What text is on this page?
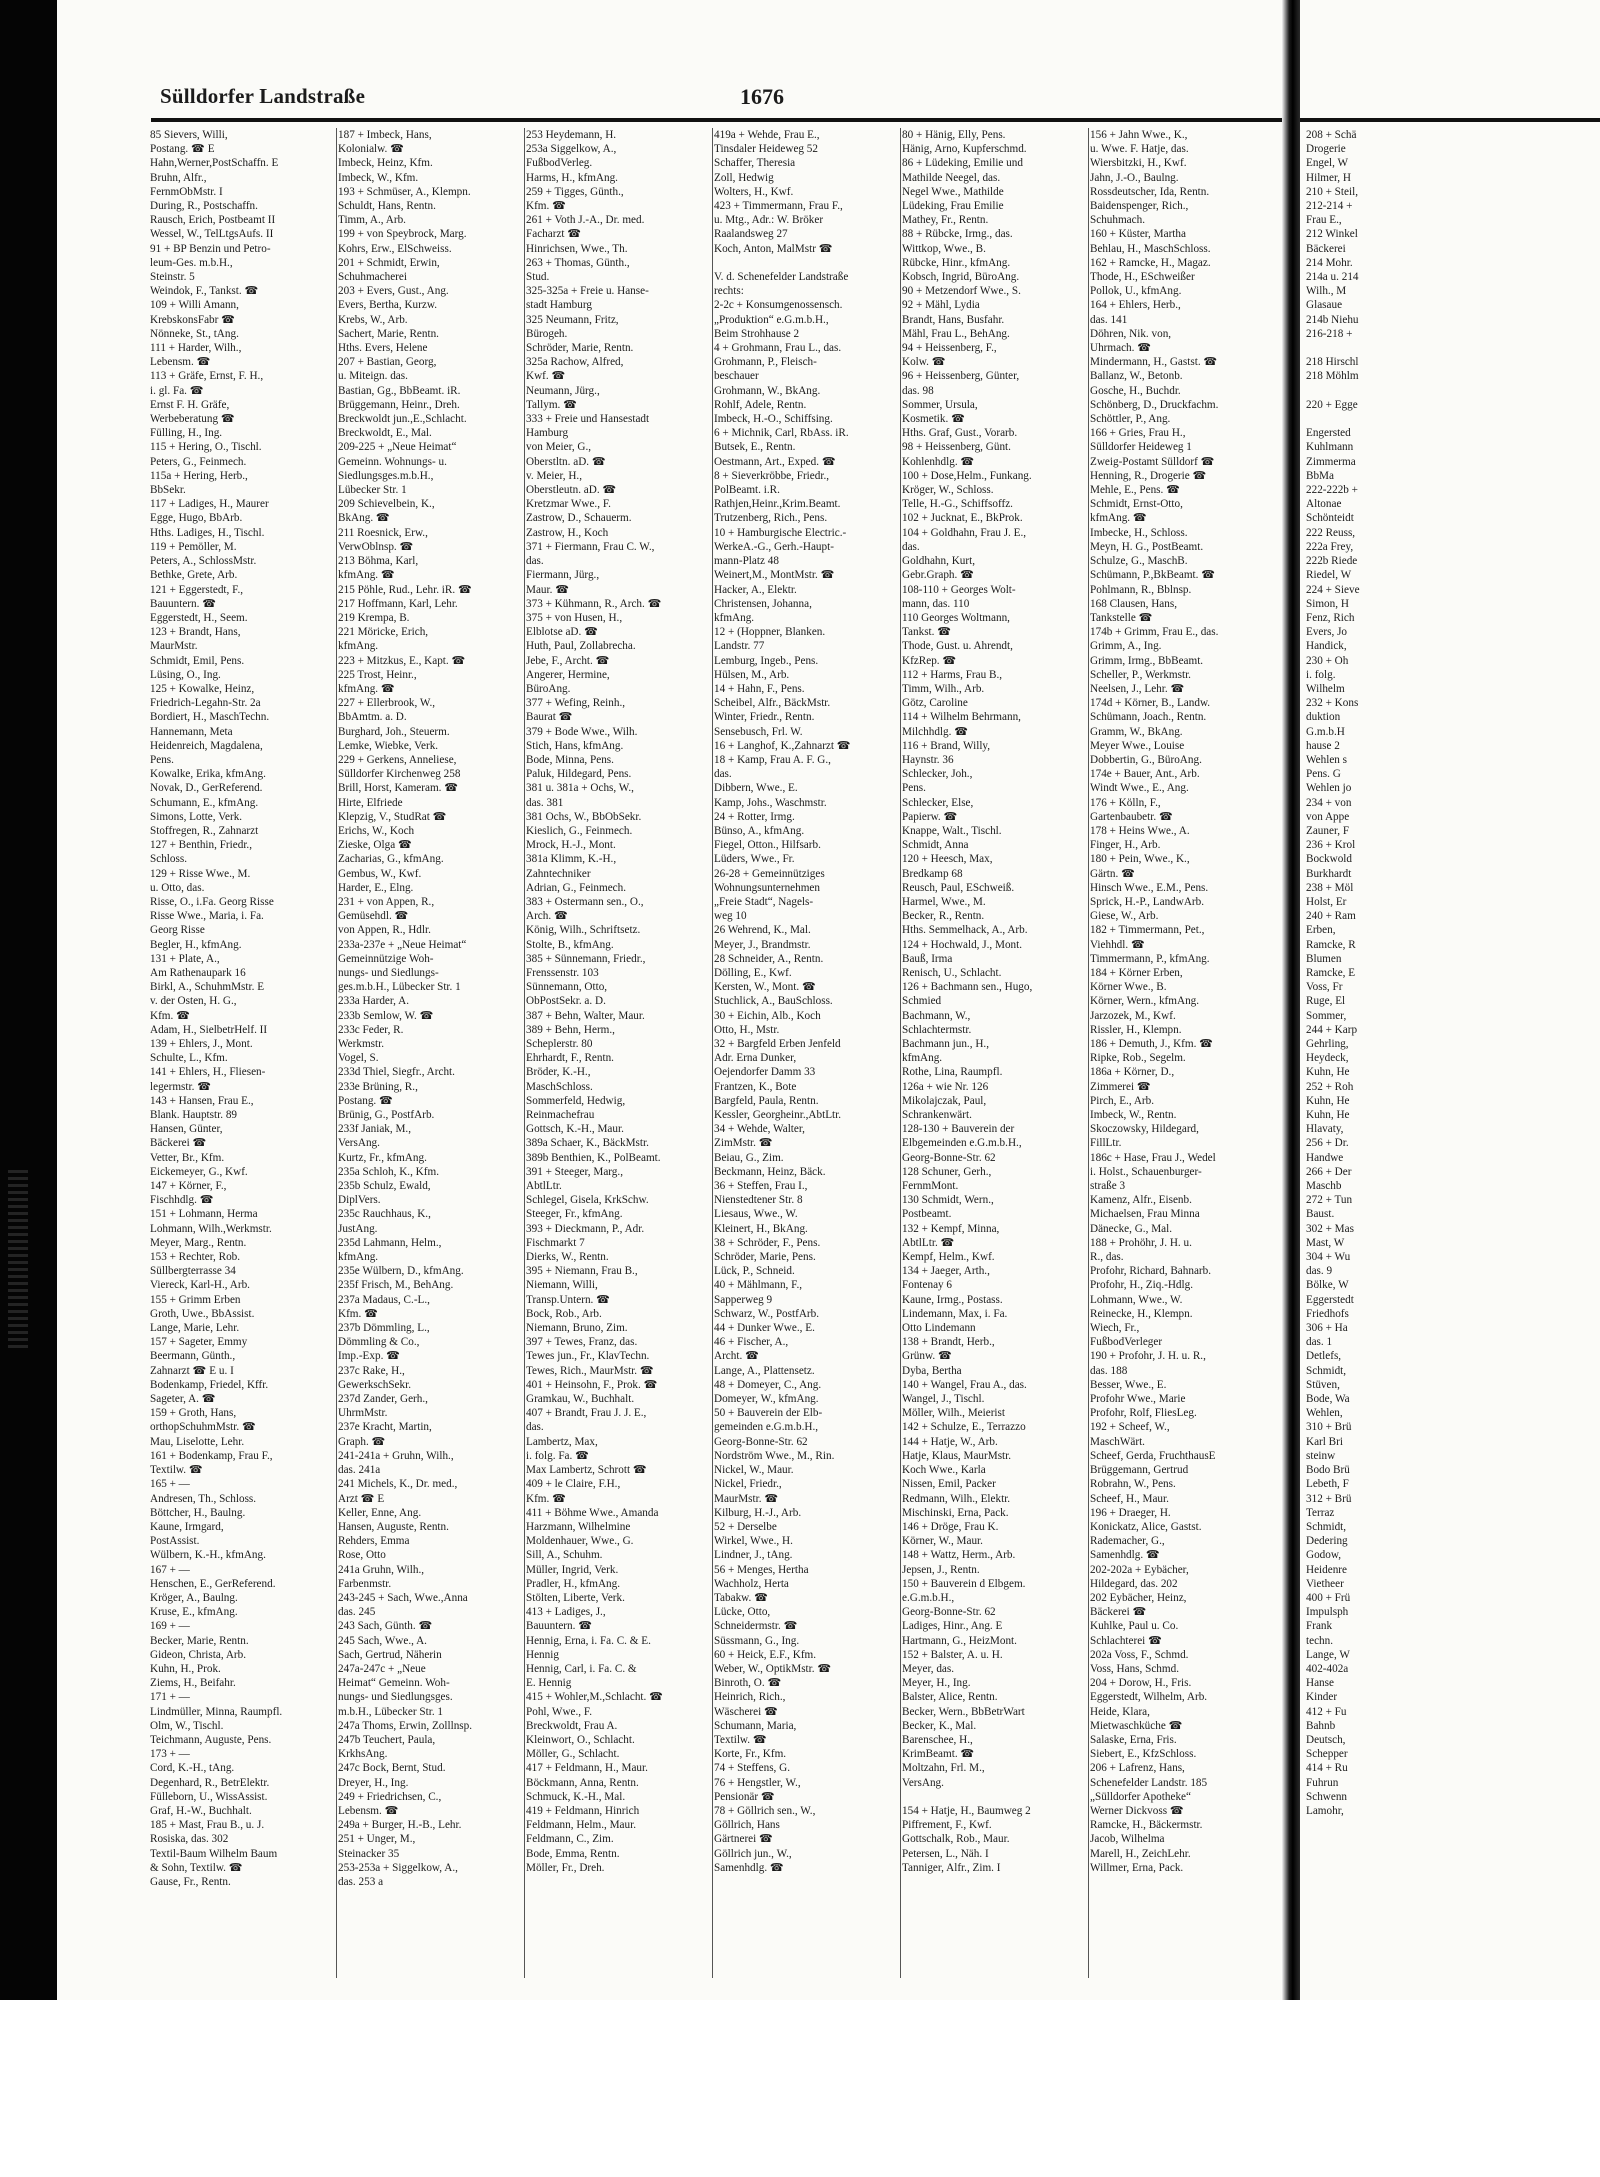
Sülldorfer Landstraße	1676
85 Sievers, Willi,
Postang. ☎ E
Hahn,Werner,PostSchaffn. E
Bruhn, Alfr.,
FernmObMstr. I
During, R., Postschaffn.
Rausch, Erich, Postbeamt II
Wessel, W., TelLtgsAufs. II
91 + BP Benzin und Petro-
leum-Ges. m.b.H.,
Steinstr. 5
Weindok, F., Tankst. ☎
109 + Willi Amann,
KrebskonsFabr ☎
Nönneke, St., tAng.
111 + Harder, Wilh.,
Lebensm. ☎
113 + Gräfe, Ernst, F. H.,
i. gl. Fa. ☎
Ernst F. H. Gräfe,
Werbeberatung ☎
Fülling, H., Ing.
115 + Hering, O., Tischl.
Peters, G., Feinmech.
115a + Hering, Herb.,
BbSekr.
117 + Ladiges, H., Maurer
Egge, Hugo, BbArb.
Hths. Ladiges, H., Tischl.
119 + Pemöller, M.
Peters, A., SchlossMstr.
Bethke, Grete, Arb.
121 + Eggerstedt, F.,
Bauuntern. ☎
Eggerstedt, H., Seem.
123 + Brandt, Hans,
MaurMstr.
Schmidt, Emil, Pens.
Lüsing, O., Ing.
125 + Kowalke, Heinz,
Friedrich-Legahn-Str. 2a
Bordiert, H., MaschTechn.
Hannemann, Meta
Heidenreich, Magdalena,
Pens.
Kowalke, Erika, kfmAng.
Novak, D., GerReferend.
Schumann, E., kfmAng.
Simons, Lotte, Verk.
Stoffregen, R., Zahnarzt
127 + Benthin, Friedr.,
Schloss.
129 + Risse Wwe., M.
u. Otto, das.
Risse, O., i.Fa. Georg Risse
Risse Wwe., Maria, i. Fa.
Georg Risse
Begler, H., kfmAng.
131 + Plate, A.,
Am Rathenaupark 16
Birkl, A., SchuhmMstr. E
v. der Osten, H. G.,
Kfm. ☎
Adam, H., SielbetrHelf. II
139 + Ehlers, J., Mont.
Schulte, L., Kfm.
141 + Ehlers, H., Fliesen-
legermstr. ☎
143 + Hansen, Frau E.,
Blank. Hauptstr. 89
Hansen, Günter,
Bäckerei ☎
Vetter, Br., Kfm.
Eickemeyer, G., Kwf.
147 + Körner, F.,
Fischhdlg. ☎
151 + Lohmann, Herma
Lohmann, Wilh.,Werkmstr.
Meyer, Marg., Rentn.
153 + Rechter, Rob.
Süllbergterrasse 34
Viereck, Karl-H., Arb.
155 + Grimm Erben
Groth, Uwe., BbAssist.
Lange, Marie, Lehr.
157 + Sageter, Emmy
Beermann, Günth.,
Zahnarzt ☎ E u. I
Bodenkamp, Friedel, Kffr.
Sageter, A. ☎
159 + Groth, Hans,
orthopSchuhmMstr. ☎
Mau, Liselotte, Lehr.
161 + Bodenkamp, Frau F.,
Textilw. ☎
165 + —
Andresen, Th., Schloss.
Böttcher, H., Baulng.
Kaune, Irmgard,
PostAssist.
Wülbern, K.-H., kfmAng.
167 + —
Henschen, E., GerReferend.
Kröger, A., Baulng.
Kruse, E., kfmAng.
169 + —
Becker, Marie, Rentn.
Gideon, Christa, Arb.
Kuhn, H., Prok.
Ziems, H., Beifahr.
171 + —
Lindmüller, Minna, Raumpfl.
Olm, W., Tischl.
Teichmann, Auguste, Pens.
173 + —
Cord, K.-H., tAng.
Degenhard, R., BetrElektr.
Fülleborn, U., WissAssist.
Graf, H.-W., Buchhalt.
185 + Mast, Frau B., u. J.
Rosiska, das. 302
Textil-Baum Wilhelm Baum
& Sohn, Textilw. ☎
Gause, Fr., Rentn.
187 + Imbeck, Hans,
Kolonialw. ☎
Imbeck, Heinz, Kfm.
Imbeck, W., Kfm.
193 + Schmüser, A., Klempn.
Schuldt, Hans, Rentn.
Timm, A., Arb.
199 + von Speybrock, Marg.
Kohrs, Erw., ElSchweiss.
201 + Schmidt, Erwin,
Schuhmacherei
203 + Evers, Gust., Ang.
Evers, Bertha, Kurzw.
Krebs, W., Arb.
Sachert, Marie, Rentn.
Hths. Evers, Helene
207 + Bastian, Georg,
u. Miteign. das.
Bastian, Gg., BbBeamt. iR.
Brüggemann, Heinr., Dreh.
Breckwoldt jun.,E.,Schlacht.
Breckwoldt, E., Mal.
209-225 + „Neue Heimat“
Gemeinn. Wohnungs- u.
Siedlungsges.m.b.H.,
Lübecker Str. 1
209 Schievelbein, K.,
BkAng. ☎
211 Roesnick, Erw.,
VerwOblnsp. ☎
213 Böhma, Karl,
kfmAng. ☎
215 Pöhle, Rud., Lehr. iR. ☎
217 Hoffmann, Karl, Lehr.
219 Krempa, B.
221 Möricke, Erich,
kfmAng.
223 + Mitzkus, E., Kapt. ☎
225 Trost, Heinr.,
kfmAng. ☎
227 + Ellerbrook, W.,
BbAmtm. a. D.
Burghard, Joh., Steuerm.
Lemke, Wiebke, Verk.
229 + Gerkens, Anneliese,
Sülldorfer Kirchenweg 258
Brill, Horst, Kameram. ☎
Hirte, Elfriede
Klepzig, V., StudRat ☎
Erichs, W., Koch
Zieske, Olga ☎
Zacharias, G., kfmAng.
Gembus, W., Kwf.
Harder, E., Elng.
231 + von Appen, R.,
Gemüsehdl. ☎
von Appen, R., Hdlr.
233a-237e + „Neue Heimat“
Gemeinnützige Woh-
nungs- und Siedlungs-
ges.m.b.H., Lübecker Str. 1
233a Harder, A.
233b Semlow, W. ☎
233c Feder, R.
Werkmstr.
Vogel, S.
233d Thiel, Siegfr., Archt.
233e Brüning, R.,
Postang. ☎
Brünig, G., PostfArb.
233f Janiak, M.,
VersAng.
Kurtz, Fr., kfmAng.
235a Schloh, K., Kfm.
235b Schulz, Ewald,
DiplVers.
235c Rauchhaus, K.,
JustAng.
235d Lahmann, Helm.,
kfmAng.
235e Wülbern, D., kfmAng.
235f Frisch, M., BehAng.
237a Madaus, C.-L.,
Kfm. ☎
237b Dömmling, L.,
Dömmling & Co.,
Imp.-Exp. ☎
237c Rake, H.,
GewerkschSekr.
237d Zander, Gerh.,
UhrmMstr.
237e Kracht, Martin,
Graph. ☎
241-241a + Gruhn, Wilh.,
das. 241a
241 Michels, K., Dr. med.,
Arzt ☎ E
Keller, Enne, Ang.
Hansen, Auguste, Rentn.
Rehders, Emma
Rose, Otto
241a Gruhn, Wilh.,
Farbenmstr.
243-245 + Sach, Wwe.,Anna
das. 245
243 Sach, Günth. ☎
245 Sach, Wwe., A.
Sach, Gertrud, Näherin
247a-247c + „Neue
Heimat“ Gemeinn. Woh-
nungs- und Siedlungsges.
m.b.H., Lübecker Str. 1
247a Thoms, Erwin, Zolllnsp.
247b Teuchert, Paula,
KrkhsAng.
247c Bock, Bernt, Stud.
Dreyer, H., Ing.
249 + Friedrichsen, C.,
Lebensm. ☎
249a + Burger, H.-B., Lehr.
251 + Unger, M.,
Steinacker 35
253-253a + Siggelkow, A.,
das. 253 a
253 Heydemann, H.
253a Siggelkow, A.,
FußbodVerleg.
Harms, H., kfmAng.
259 + Tigges, Günth.,
Kfm. ☎
261 + Voth J.-A., Dr. med.
Facharzt ☎
Hinrichsen, Wwe., Th.
263 + Thomas, Günth.,
Stud.
325-325a + Freie u. Hanse-
stadt Hamburg
325 Neumann, Fritz,
Bürogeh.
Schröder, Marie, Rentn.
325a Rachow, Alfred,
Kwf. ☎
Neumann, Jürg.,
Tallym. ☎
333 + Freie und Hansestadt
Hamburg
von Meier, G.,
Oberstltn. aD. ☎
v. Meier, H.,
Oberstleutn. aD. ☎
Kretzmar Wwe., F.
Zastrow, D., Schauerm.
Zastrow, H., Koch
371 + Fiermann, Frau C. W.,
das.
Fiermann, Jürg.,
Maur. ☎
373 + Kühmann, R., Arch. ☎
375 + von Husen, H.,
Elblotse aD. ☎
Huth, Paul, Zollabrecha.
Jebe, F., Archt. ☎
Angerer, Hermine,
BüroAng.
377 + Wefing, Reinh.,
Baurat ☎
379 + Bode Wwe., Wilh.
Stich, Hans, kfmAng.
Bode, Minna, Pens.
Paluk, Hildegard, Pens.
381 u. 381a + Ochs, W.,
das. 381
381 Ochs, W., BbObSekr.
Kieslich, G., Feinmech.
Mrock, H.-J., Mont.
381a Klimm, K.-H.,
Zahntechniker
Adrian, G., Feinmech.
383 + Ostermann sen., O.,
Arch. ☎
König, Wilh., Schriftsetz.
Stolte, B., kfmAng.
385 + Sünnemann, Friedr.,
Frenssenstr. 103
Sünnemann, Otto,
ObPostSekr. a. D.
387 + Behn, Walter, Maur.
389 + Behn, Herm.,
Scheplerstr. 80
Ehrhardt, F., Rentn.
Bröder, K.-H.,
MaschSchloss.
Sommerfeld, Hedwig,
Reinmachefrau
Gottsch, K.-H., Maur.
389a Schaer, K., BäckMstr.
389b Benthien, K., PolBeamt.
391 + Steeger, Marg.,
AbtlLtr.
Schlegel, Gisela, KrkSchw.
Steeger, Fr., kfmAng.
393 + Dieckmann, P., Adr.
Fischmarkt 7
Dierks, W., Rentn.
395 + Niemann, Frau B.,
Niemann, Willi,
Transp.Untern. ☎
Bock, Rob., Arb.
Niemann, Bruno, Zim.
397 + Tewes, Franz, das.
Tewes jun., Fr., KlavTechn.
Tewes, Rich., MaurMstr. ☎
401 + Heinsohn, F., Prok. ☎
Gramkau, W., Buchhalt.
407 + Brandt, Frau J. J. E.,
das.
Lambertz, Max,
i. folg. Fa. ☎
Max Lambertz, Schrott ☎
409 + le Claire, F.H.,
Kfm. ☎
411 + Böhme Wwe., Amanda
Harzmann, Wilhelmine
Moldenhauer, Wwe., G.
Sill, A., Schuhm.
Müller, Ingrid, Verk.
Pradler, H., kfmAng.
Stölten, Liberte, Verk.
413 + Ladiges, J.,
Bauuntern. ☎
Hennig, Erna, i. Fa. C. & E.
Hennig
Hennig, Carl, i. Fa. C. &
E. Hennig
415 + Wohler,M.,Schlacht. ☎
Pohl, Wwe., F.
Breckwoldt, Frau A.
Kleinwort, O., Schlacht.
Möller, G., Schlacht.
417 + Feldmann, H., Maur.
Böckmann, Anna, Rentn.
Schmuck, K.-H., Mal.
419 + Feldmann, Hinrich
Feldmann, Helm., Maur.
Feldmann, C., Zim.
Bode, Emma, Rentn.
Möller, Fr., Dreh.
419a + Wehde, Frau E.,
Tinsdaler Heideweg 52
Schaffer, Theresia
Zoll, Hedwig
Wolters, H., Kwf.
423 + Timmermann, Frau F.,
u. Mtg., Adr.: W. Bröker
Raalandsweg 27
Koch, Anton, MalMstr ☎

V. d. Schenefelder Landstraße
rechts:
2-2c + Konsumgenossensch.
„Produktion“ e.G.m.b.H.,
Beim Strohhause 2
4 + Grohmann, Frau L., das.
Grohmann, P., Fleisch-
beschauer
Grohmann, W., BkAng.
Rohlf, Adele, Rentn.
Imbeck, H.-O., Schiffsing.
6 + Michnik, Carl, RbAss. iR.
Butsek, E., Rentn.
Oestmann, Art., Exped. ☎
8 + Sieverkröbbe, Friedr.,
PolBeamt. i.R.
Rathjen,Heinr.,Krim.Beamt.
Trutzenberg, Rich., Pens.
10 + Hamburgische Electric.-
WerkeA.-G., Gerh.-Haupt-
mann-Platz 48
Weinert,M., MontMstr. ☎
Hacker, A., Elektr.
Christensen, Johanna,
kfmAng.
12 + (Hoppner, Blanken.
Landstr. 77
Lemburg, Ingeb., Pens.
Hülsen, M., Arb.
14 + Hahn, F., Pens.
Scheibel, Alfr., BäckMstr.
Winter, Friedr., Rentn.
Sensebusch, Frl. W.
16 + Langhof, K.,Zahnarzt ☎
18 + Kamp, Frau A. F. G.,
das.
Dibbern, Wwe., E.
Kamp, Johs., Waschmstr.
24 + Rotter, Irmg.
Bünso, A., kfmAng.
Fiegel, Otton., Hilfsarb.
Lüders, Wwe., Fr.
26-28 + Gemeinnütziges
Wohnungsunternehmen
„Freie Stadt“, Nagels-
weg 10
26 Wehrend, K., Mal.
Meyer, J., Brandmstr.
28 Schneider, A., Rentn.
Dölling, E., Kwf.
Kersten, W., Mont. ☎
Stuchlick, A., BauSchloss.
30 + Eichin, Alb., Koch
Otto, H., Mstr.
32 + Bargfeld Erben Jenfeld
Adr. Erna Dunker,
Oejendorfer Damm 33
Frantzen, K., Bote
Bargfeld, Paula, Rentn.
Kessler, Georgheinr.,AbtLtr.
34 + Wehde, Walter,
ZimMstr. ☎
Beiau, G., Zim.
Beckmann, Heinz, Bäck.
36 + Steffen, Frau I.,
Nienstedtener Str. 8
Liesaus, Wwe., W.
Kleinert, H., BkAng.
38 + Schröder, F., Pens.
Schröder, Marie, Pens.
Lück, P., Schneid.
40 + Mählmann, F.,
Sapperweg 9
Schwarz, W., PostfArb.
44 + Dunker Wwe., E.
46 + Fischer, A.,
Archt. ☎
Lange, A., Plattensetz.
48 + Domeyer, C., Ang.
Domeyer, W., kfmAng.
50 + Bauverein der Elb-
gemeinden e.G.m.b.H.,
Georg-Bonne-Str. 62
Nordström Wwe., M., Rin.
Nickel, W., Maur.
Nickel, Friedr.,
MaurMstr. ☎
Kilburg, H.-J., Arb.
52 + Derselbe
Wirkel, Wwe., H.
Lindner, J., tAng.
56 + Menges, Hertha
Wachholz, Herta
Tabakw. ☎
Lücke, Otto,
Schneidermstr. ☎
Süssmann, G., Ing.
60 + Heick, E.F., Kfm.
Weber, W., OptikMstr. ☎
Binroth, O. ☎
Heinrich, Rich.,
Wäscherei ☎
Schumann, Maria,
Textilw. ☎
Korte, Fr., Kfm.
74 + Steffens, G.
76 + Hengstler, W.,
Pensionär ☎
78 + Göllrich sen., W.,
Göllrich, Hans
Gärtnerei ☎
Göllrich jun., W.,
Samenhdlg. ☎
80 + Hänig, Elly, Pens.
Hänig, Arno, Kupferschmd.
86 + Lüdeking, Emilie und
Mathilde Neegel, das.
Negel Wwe., Mathilde
Lüdeking, Frau Emilie
Mathey, Fr., Rentn.
88 + Rübcke, Irmg., das.
Wittkop, Wwe., B.
Rübcke, Hinr., kfmAng.
Kobsch, Ingrid, BüroAng.
90 + Metzendorf Wwe., S.
92 + Mähl, Lydia
Brandt, Hans, Busfahr.
Mähl, Frau L., BehAng.
94 + Heissenberg, F.,
Kolw. ☎
96 + Heissenberg, Günter,
das. 98
Sommer, Ursula,
Kosmetik. ☎
Hths. Graf, Gust., Vorarb.
98 + Heissenberg, Günt.
Kohlenhdlg. ☎
100 + Dose,Helm., Funkang.
Kröger, W., Schloss.
Telle, H.-G., Schiffsoffz.
102 + Jucknat, E., BkProk.
104 + Goldhahn, Frau J. E.,
das.
Goldhahn, Kurt,
Gebr.Graph. ☎
108-110 + Georges Wolt-
mann, das. 110
110 Georges Woltmann,
Tankst. ☎
Thode, Gust. u. Ahrendt,
KfzRep. ☎
112 + Harms, Frau B.,
Timm, Wilh., Arb.
Götz, Caroline
114 + Wilhelm Behrmann,
Milchhdlg. ☎
116 + Brand, Willy,
Haynstr. 36
Schlecker, Joh.,
Pens.
Schlecker, Else,
Papierw. ☎
Knappe, Walt., Tischl.
Schmidt, Anna
120 + Heesch, Max,
Bredkamp 68
Reusch, Paul, ESchweiß.
Harmel, Wwe., M.
Becker, R., Rentn.
Hths. Semmelhack, A., Arb.
124 + Hochwald, J., Mont.
Bauß, Irma
Renisch, U., Schlacht.
126 + Bachmann sen., Hugo,
Schmied
Bachmann, W.,
Schlachtermstr.
Bachmann jun., H.,
kfmAng.
Rothe, Lina, Raumpfl.
126a + wie Nr. 126
Mikolajczak, Paul,
Schrankenwärt.
128-130 + Bauverein der
Elbgemeinden e.G.m.b.H.,
Georg-Bonne-Str. 62
128 Schuner, Gerh.,
FernmMont.
130 Schmidt, Wern.,
Postbeamt.
132 + Kempf, Minna,
AbtlLtr. ☎
Kempf, Helm., Kwf.
134 + Jaeger, Arth.,
Fontenay 6
Kaune, Irmg., Postass.
Lindemann, Max, i. Fa.
Otto Lindemann
138 + Brandt, Herb.,
Grünw. ☎
Dyba, Bertha
140 + Wangel, Frau A., das.
Wangel, J., Tischl.
Möller, Wilh., Meierist
142 + Schulze, E., Terrazzo
144 + Hatje, W., Arb.
Hatje, Klaus, MaurMstr.
Koch Wwe., Karla
Nissen, Emil, Packer
Redmann, Wilh., Elektr.
Mischinski, Erna, Pack.
146 + Dröge, Frau K.
Körner, W., Maur.
148 + Wattz, Herm., Arb.
Jepsen, J., Rentn.
150 + Bauverein d Elbgem.
e.G.m.b.H.,
Georg-Bonne-Str. 62
Ladiges, Hinr., Ang. E
Hartmann, G., HeizMont.
152 + Balster, A. u. H.
Meyer, das.
Meyer, H., Ing.
Balster, Alice, Rentn.
Becker, Wern., BbBetrWart
Becker, K., Mal.
Barenschee, H.,
KrimBeamt. ☎
Moltzahn, Frl. M.,
VersAng.

154 + Hatje, H., Baumweg 2
Piffrement, F., Kwf.
Gottschalk, Rob., Maur.
Petersen, L., Näh. I
Tanniger, Alfr., Zim. I
156 + Jahn Wwe., K.,
u. Wwe. F. Hatje, das.
Wiersbitzki, H., Kwf.
Jahn, J.-O., Baulng.
Rossdeutscher, Ida, Rentn.
Baidenspenger, Rich.,
Schuhmach.
160 + Küster, Martha
Behlau, H., MaschSchloss.
162 + Ramcke, H., Magaz.
Thode, H., ESchweißer
Pollok, U., kfmAng.
164 + Ehlers, Herb.,
das. 141
Döhren, Nik. von,
Uhrmach. ☎
Mindermann, H., Gastst. ☎
Ballanz, W., Betonb.
Gosche, H., Buchdr.
Schönberg, D., Druckfachm.
Schöttler, P., Ang.
166 + Gries, Frau H.,
Sülldorfer Heideweg 1
Zweig-Postamt Sülldorf ☎
Henning, R., Drogerie ☎
Mehle, E., Pens. ☎
Schmidt, Ernst-Otto,
kfmAng. ☎
Imbecke, H., Schloss.
Meyn, H. G., PostBeamt.
Schulze, G., MaschB.
Schümann, P.,BkBeamt. ☎
Pohlmann, R., Bblnsp.
168 Clausen, Hans,
Tankstelle ☎
174b + Grimm, Frau E., das.
Grimm, A., Ing.
Grimm, Irmg., BbBeamt.
Scheller, P., Werkmstr.
Neelsen, J., Lehr. ☎
174d + Körner, B., Landw.
Schümann, Joach., Rentn.
Gramm, W., BkAng.
Meyer Wwe., Louise
Dobbertin, G., BüroAng.
174e + Bauer, Ant., Arb.
Windt Wwe., E., Ang.
176 + Kölln, F.,
Gartenbaubetr. ☎
178 + Heins Wwe., A.
Finger, H., Arb.
180 + Pein, Wwe., K.,
Gärtn. ☎
Hinsch Wwe., E.M., Pens.
Sprick, H.-P., LandwArb.
Giese, W., Arb.
182 + Timmermann, Pet.,
Viehhdl. ☎
Timmermann, P., kfmAng.
184 + Körner Erben,
Körner Wwe., B.
Körner, Wern., kfmAng.
Jarzozek, M., Kwf.
Rissler, H., Klempn.
186 + Demuth, J., Kfm. ☎
Ripke, Rob., Segelm.
186a + Körner, D.,
Zimmerei ☎
Pirch, E., Arb.
Imbeck, W., Rentn.
Skoczowsky, Hildegard,
FillLtr.
186c + Hase, Frau J., Wedel
i. Holst., Schauenburger-
straße 3
Kamenz, Alfr., Eisenb.
Michaelsen, Frau Minna
Dänecke, G., Mal.
188 + Prohöhr, J. H. u.
R., das.
Profohr, Richard, Bahnarb.
Profohr, H., Ziq.-Hdlg.
Lohmann, Wwe., W.
Reinecke, H., Klempn.
Wiech, Fr.,
FußbodVerleger
190 + Profohr, J. H. u. R.,
das. 188
Besser, Wwe., E.
Profohr Wwe., Marie
Profohr, Rolf, FliesLeg.
192 + Scheef, W.,
MaschWärt.
Scheef, Gerda, FruchthausE
Brüggemann, Gertrud
Robrahn, W., Pens.
Scheef, H., Maur.
196 + Draeger, H.
Konickatz, Alice, Gastst.
Rademacher, G.,
Samenhdlg. ☎
202-202a + Eybächer,
Hildegard, das. 202
202 Eybächer, Heinz,
Bäckerei ☎
Kuhlke, Paul u. Co.
Schlachterei ☎
202a Voss, F., Schmd.
Voss, Hans, Schmd.
204 + Dorow, H., Fris.
Eggerstedt, Wilhelm, Arb.
Heide, Klara,
Mietwaschküche ☎
Salaske, Erna, Fris.
Siebert, E., KfzSchloss.
206 + Lafrenz, Hans,
Schenefelder Landstr. 185
„Sülldorfer Apotheke“
Werner Dickvoss ☎
Ramcke, H., Bäckermstr.
Jacob, Wilhelma
Marell, H., ZeichLehr.
Willmer, Erna, Pack.
208 + Schä
Drogerie
Engel, W
Hilmer, H
210 + Steil,
212-214 +
Frau E.,
212 Winkel
Bäckerei
214 Mohr.
214a u. 214
Wilh., M
Glasaue
214b Niehu
216-218 +

218 Hirschl
218 Möhlm

220 + Egge

Engersted
Kuhlmann
Zimmerma
BbMa
222-222b +
Altonae
Schönteidt
222 Reuss,
222a Frey,
222b Riede
Riedel, W
224 + Sieve
Simon, H
Fenz, Rich
Evers, Jo
Handick,
230 + Oh
i. folg.
Wilhelm
232 + Kons
duktion
G.m.b.H
hause 2
Wehlen s
Pens. G
Wehlen jo
234 + von
von Appe
Zauner, F
236 + Krol
Bockwold
Burkhardt
238 + Möl
Holst, Er
240 + Ram
Erben,
Ramcke, R
Blumen
Ramcke, E
Voss, Fr
Ruge, El
Sommer,
244 + Karp
Gehrling,
Heydeck,
Kuhn, He
252 + Roh
Kuhn, He
Kuhn, He
Hlavaty,
256 + Dr.
Handwe
266 + Der
Maschb
272 + Tun
Baust.
302 + Mas
Mast, W
304 + Wu
das. 9
Bölke, W
Eggerstedt
Friedhofs
306 + Ha
das. 1
Detlefs,
Schmidt,
Stüven,
Bode, Wa
Wehlen,
310 + Brü
Karl Bri
steinw
Bodo Brü
Lebeth, F
312 + Brü
Terraz
Schmidt,
Dedering
Godow,
Heidenre
Vietheer
400 + Frü
Impulsph
Frank
techn.
Lange, W
402-402a
Hanse
Kinder
412 + Fu
Bahnb
Deutsch,
Schepper
414 + Ru
Fuhrun
Schwenn
Lamohr,
